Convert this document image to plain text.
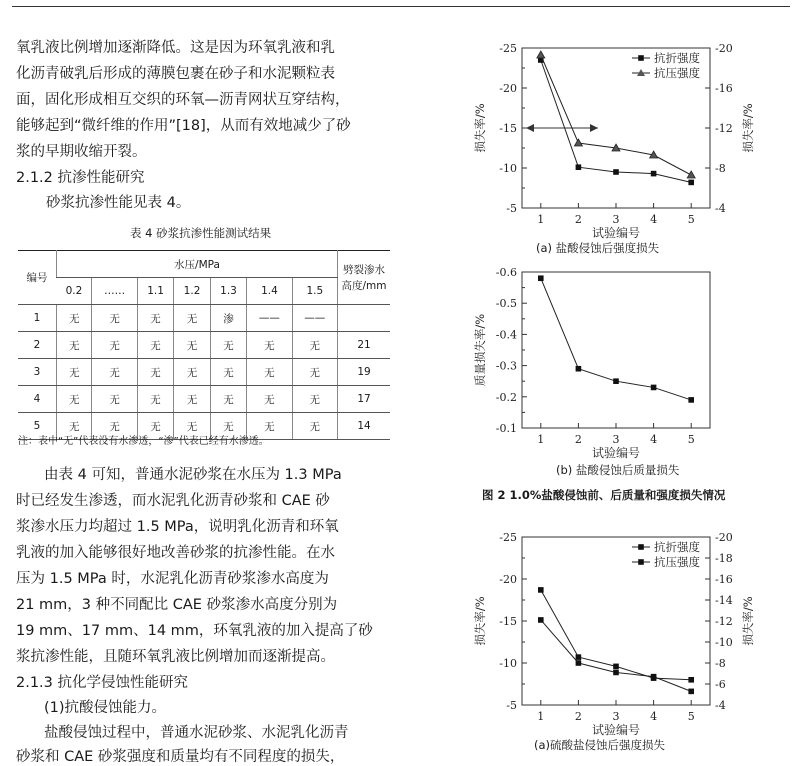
氧乳液比例增加逐渐降低。这是因为环氧乳液和乳
化沥青破乳后形成的薄膜包裹在砂子和水泥颗粒表
面，固化形成相互交织的环氧—沥青网状互穿结构，
能够起到“微纤维的作用”[18]，从而有效地减少了砂
浆的早期收缩开裂。
2.1.2 抗渗性能研究
砂浆抗渗性能见表 4。
表 4 砂浆抗渗性能测试结果
编号	水压/MPa							劈裂渗水
高度/mm
	0.2	……	1.1	1.2	1.3	1.4	1.5	
1	无	无	无	无	渗	——	——	
2	无	无	无	无	无	无	无	21
3	无	无	无	无	无	无	无	19
4	无	无	无	无	无	无	无	17
5	无	无	无	无	无	无	无	14
注：表中“无”代表没有水渗透，“渗”代表已经有水渗透。
由表 4 可知，普通水泥砂浆在水压为 1.3 MPa
时已经发生渗透，而水泥乳化沥青砂浆和 CAE 砂
浆渗水压力均超过 1.5 MPa，说明乳化沥青和环氧
乳液的加入能够很好地改善砂浆的抗渗性能。在水
压为 1.5 MPa 时，水泥乳化沥青砂浆渗水高度为
21 mm，3 种不同配比 CAE 砂浆渗水高度分别为
19 mm、17 mm、14 mm，环氧乳液的加入提高了砂
浆抗渗性能，且随环氧乳液比例增加而逐渐提高。
2.1.3 抗化学侵蚀性能研究
(1)抗酸侵蚀能力。
盐酸侵蚀过程中，普通水泥砂浆、水泥乳化沥青
砂浆和 CAE 砂浆强度和质量均有不同程度的损失，
-5
-10
-15
-20
-25
-4
-8
-12
-16
-20
1	2	3	4	5
试验编号
损失率/%	损失率/%
抗折强度
抗压强度
(a) 盐酸侵蚀后强度损失
-0.1
-0.2
-0.3
-0.4
-0.5
-0.6
1	2	3	4	5
试验编号
质量损失率/%
(b) 盐酸侵蚀后质量损失
图 2 1.0%盐酸侵蚀前、后质量和强度损失情况
-5
-10
-15
-20
-25
-4
-6
-8
-10
-12
-14
-16
-18
-20
1	2	3	4	5
试验编号
损失率/%	损失率/%
抗折强度
抗压强度
(a)硫酸盐侵蚀后强度损失
